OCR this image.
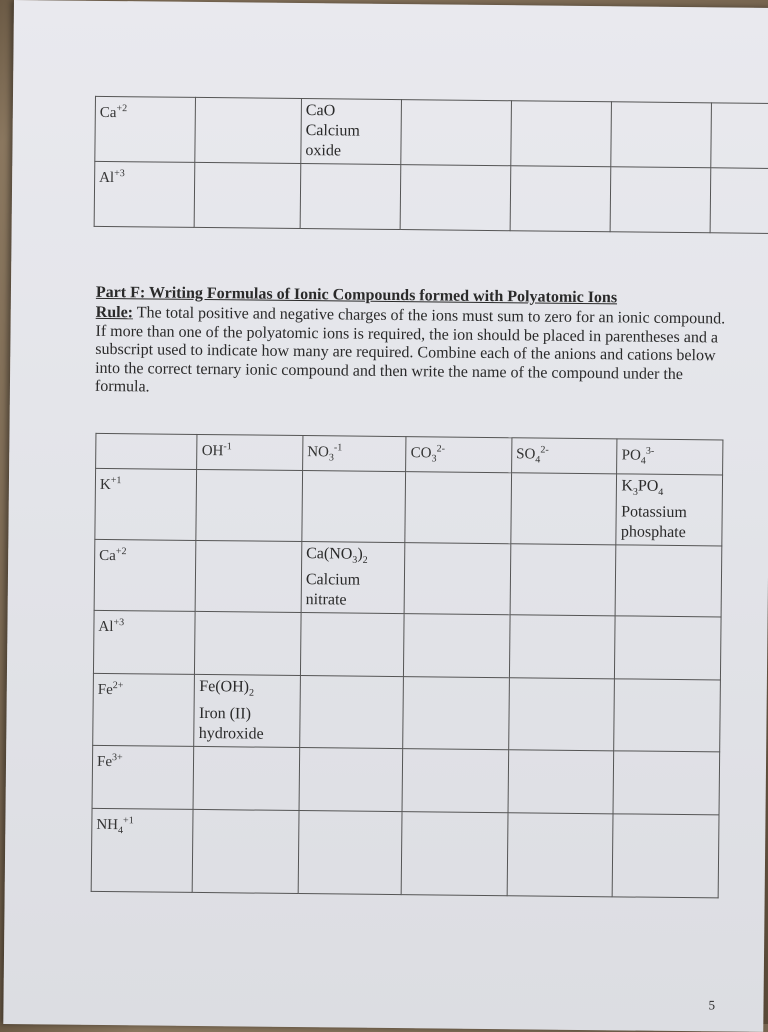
$Ca^{+2}$		CaO
Calcium
oxide				

$Al^{+3}$						
Part F: Writing Formulas of Ionic Compounds formed with Polyatomic Ions
Rule: The total positive and negative charges of the ions must sum to zero for an ionic compound. If more than one of the polyatomic ions is required, the ion should be placed in parentheses and a subscript used to indicate how many are required. Combine each of the anions and cations below into the correct ternary ionic compound and then write the name of the compound under the formula.
	$OH^{-1}$	$NO_3^{-1}$	$CO_3^{2-}$	$SO_4^{2-}$	$PO_4^{3-}$
$K^{+1}$					$K_3PO_4$
Potassium
phosphate

$Ca^{+2}$		$Ca(NO_3)_2$
Calcium
nitrate			

$Al^{+3}$					
$Fe^{2+}$	$Fe(OH)_2$
Iron (II)
hydroxide				

$Fe^{3+}$					
$NH_4^{+1}$					
5
